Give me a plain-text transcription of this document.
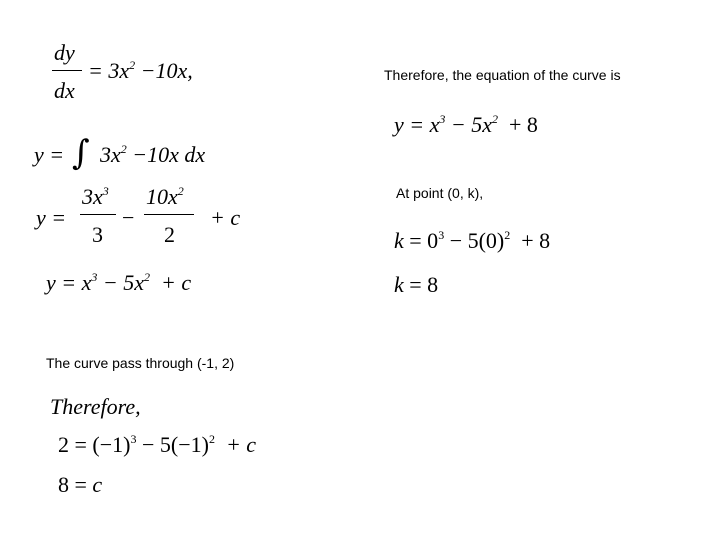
dy
dx
= $3x^2 -10x$,
y = ∫ $3x^2 -10x$ dx
y =
$3x^3$
3
−
$10x^2$
2
+ c
$y = x^3 - 5x^2 + c$
The curve pass through (-1, 2)
Therefore,
$2 = (-1)^3 - 5(-1)^2 + c$
8 = c
Therefore, the equation of the curve is
$y = x^3 - 5x^2 + 8$
At point (0, k),
$k = 0^3 - 5(0)^2 + 8$
k = 8
